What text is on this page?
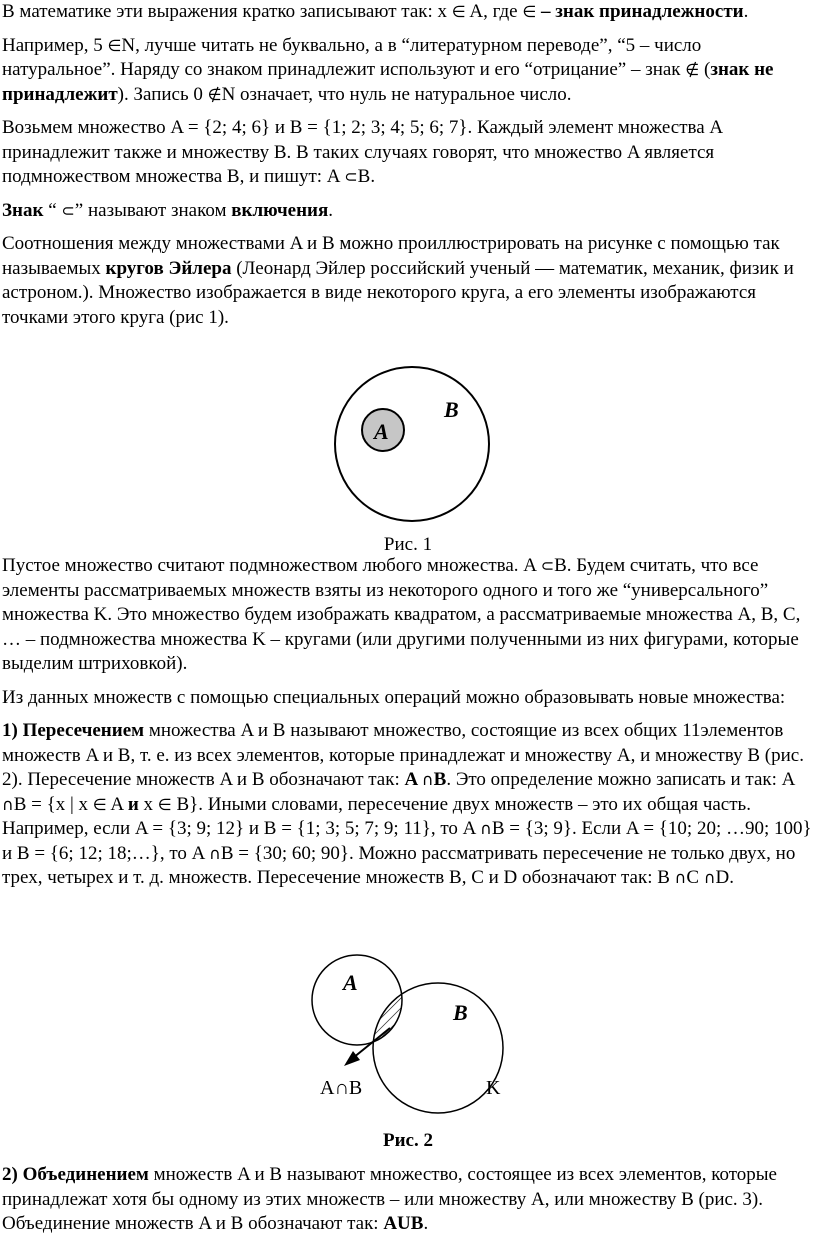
В математике эти выражения кратко записывают так: x ∈ A, где ∈ – знак принадлежности.

Например, 5 ∈N, лучше читать не буквально, а в “литературном переводе”, “5 – число натуральное”. Наряду со знаком принадлежит используют и его “отрицание” – знак ∉ (знак не принадлежит). Запись 0 ∉N означает, что нуль не натуральное число.

Возьмем множество A = {2; 4; 6} и B = {1; 2; 3; 4; 5; 6; 7}. Каждый элемент множества A принадлежит также и множеству B. В таких случаях говорят, что множество A является подмножеством множества B, и пишут: A ⊂B.

Знак “ ⊂” называют знаком включения.

Соотношения между множествами A и B можно проиллюстрировать на рисунке с помощью так называемых кругов Эйлера (Леонард Эйлер российский ученый — математик, механик, физик и астроном.). Множество изображается в виде некоторого круга, а его элементы изображаются точками этого круга (рис 1).

Пустое множество считают подмножеством любого множества. A ⊂B. Будем считать, что все элементы рассматриваемых множеств взяты из некоторого одного и того же “универсального” множества K. Это множество будем изображать квадратом, а рассматриваемые множества A, B, C, … – подмножества множества K – кругами (или другими полученными из них фигурами, которые выделим штриховкой).

Из данных множеств с помощью специальных операций можно образовывать новые множества:

1) Пересечением множества A и B называют множество, состоящие из всех общих 11элементов множеств A и B, т. е. из всех элементов, которые принадлежат и множеству A, и множеству B (рис. 2). Пересечение множеств A и B обозначают так: A ∩B. Это определение можно записать и так: A ∩B = {x | x ∈ A и x ∈ B}. Иными словами, пересечение двух множеств – это их общая часть. Например, если A = {3; 9; 12} и B = {1; 3; 5; 7; 9; 11}, то A ∩B = {3; 9}. Если A = {10; 20; …90; 100} и B = {6; 12; 18;…}, то A ∩B = {30; 60; 90}. Можно рассматривать пересечение не только двух, но трех, четырех и т. д. множеств. Пересечение множеств B, C и D обозначают так: B ∩C ∩D.

A
B
Рис. 1
A
B
A∩B	K
Рис. 2

2) Объединением множеств A и B называют множество, состоящее из всех элементов, которые принадлежат хотя бы одному из этих множеств – или множеству A, или множеству B (рис. 3). Объединение множеств A и B обозначают так: AUB.
